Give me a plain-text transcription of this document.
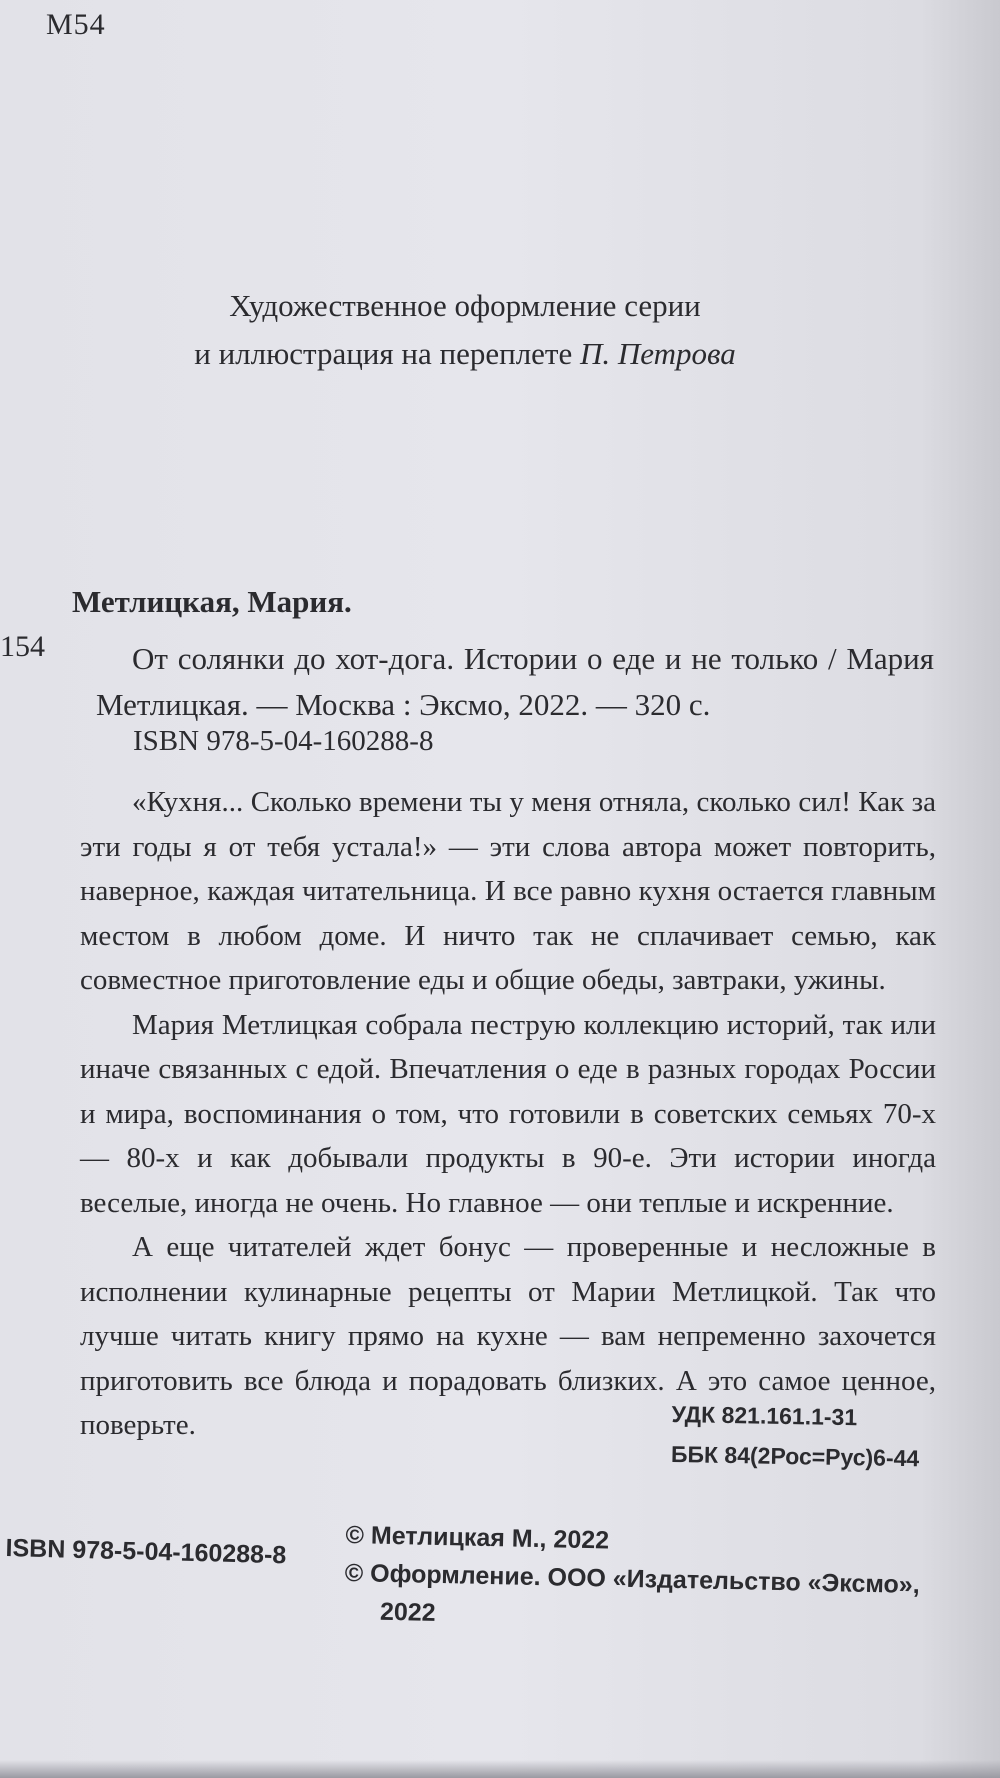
​
М54
Художественное оформление серии
и иллюстрация на переплете П. Петрова
Метлицкая, Мария.
154	От солянки до хот-дога. Истории о еде и не только / Мария Метлицкая. — Москва : Эксмо, 2022. — 320 с.
ISBN 978-5-04-160288-8

«Кухня... Сколько времени ты у меня отняла, сколько сил! Как за эти годы я от тебя устала!» — эти слова автора может повторить, наверное, каждая читательница. И все равно кухня остается главным местом в любом доме. И ничто так не сплачивает семью, как совместное приготовление еды и общие обеды, завтраки, ужины.

Мария Метлицкая собрала пеструю коллекцию историй, так или иначе связанных с едой. Впечатления о еде в разных городах России и мира, воспоминания о том, что готовили в советских семьях 70-х — 80-х и как добывали продукты в 90-е. Эти истории иногда веселые, иногда не очень. Но главное — они теплые и искренние.

А еще читателей ждет бонус — проверенные и несложные в исполнении кулинарные рецепты от Марии Метлицкой. Так что лучше читать книгу прямо на кухне — вам непременно захочется приготовить все блюда и порадовать близких. А это самое ценное, поверьте.	УДК 821.161.1-31
ББК 84(2Рос=Рус)6-44
ISBN 978-5-04-160288-8 © Метлицкая М., 2022
© Оформление. ООО «Издательство «Эксмо»,
2022
